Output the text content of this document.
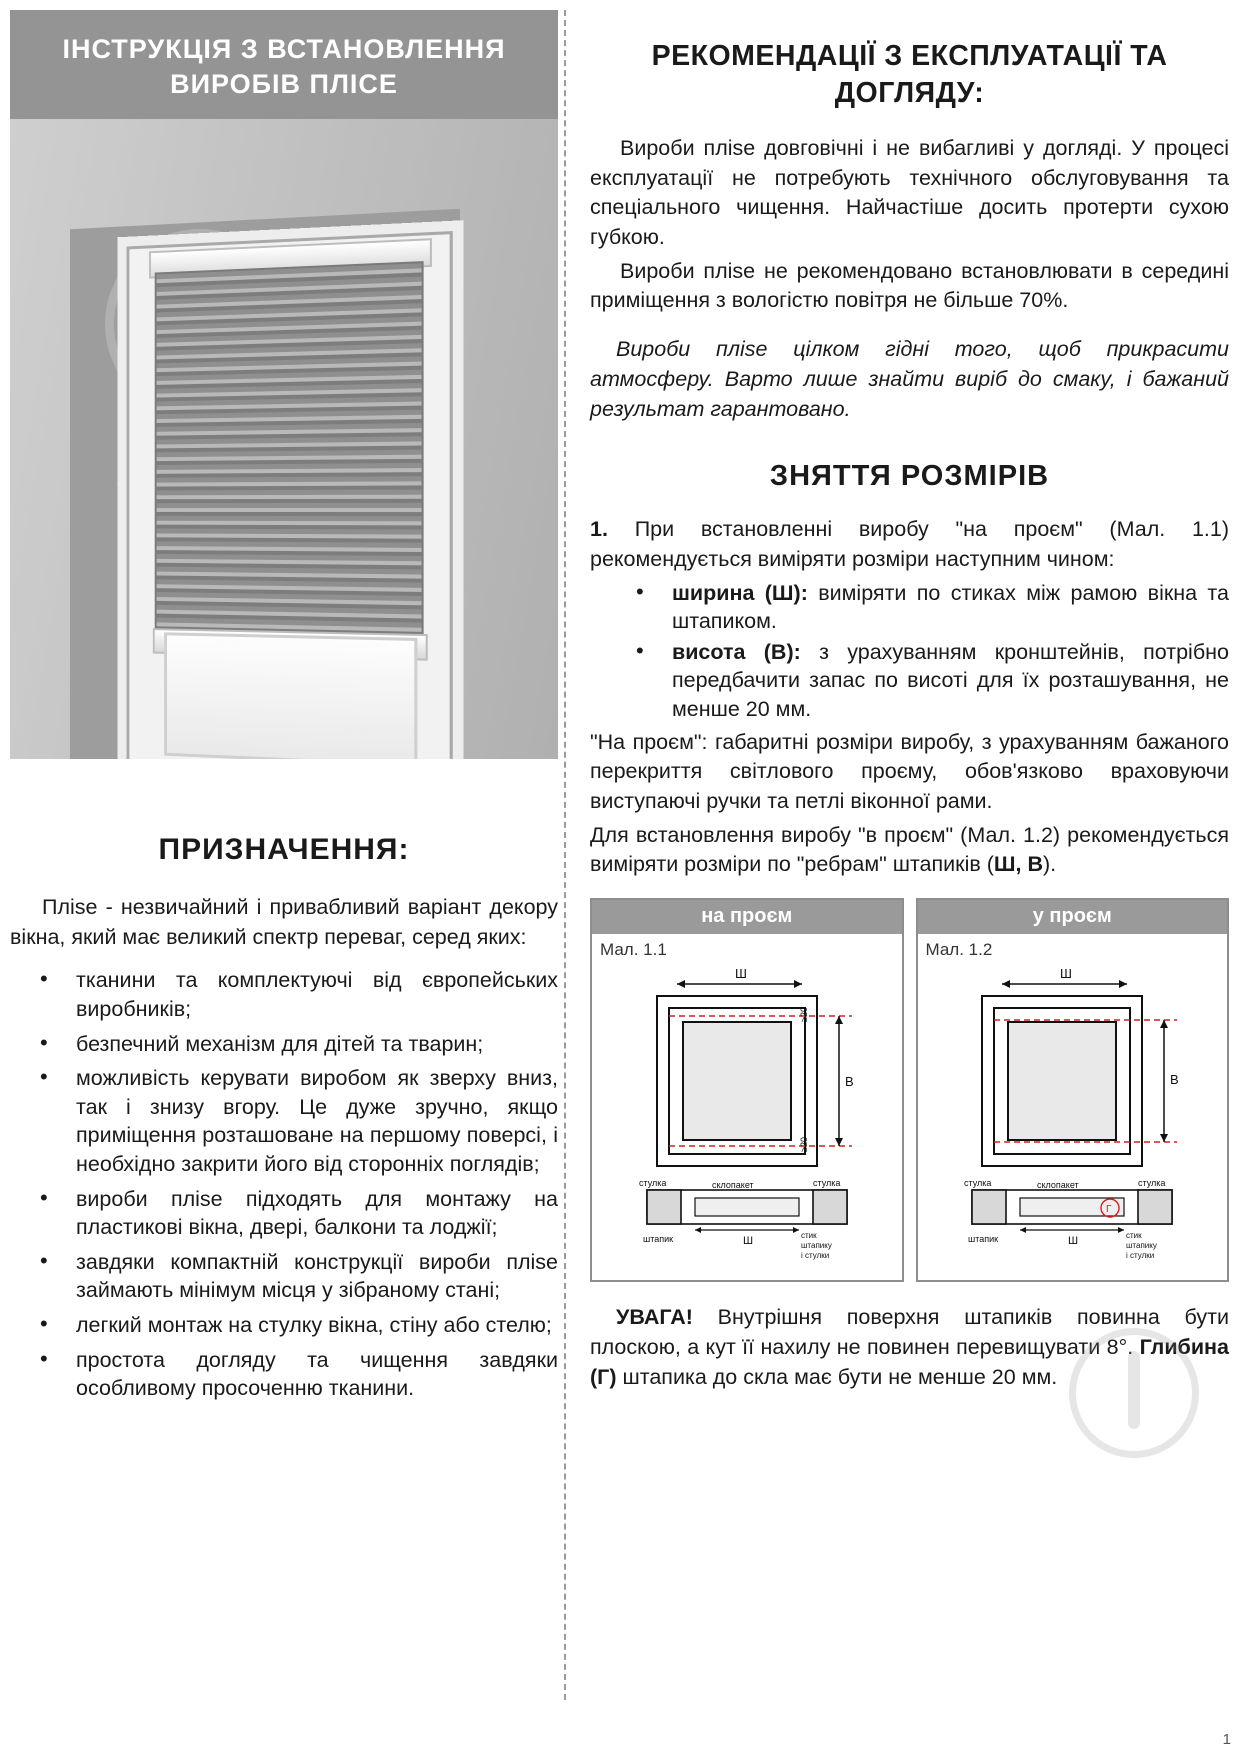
ІНСТРУКЦІЯ З ВСТАНОВЛЕННЯ ВИРОБІВ ПЛІСЕ
ПРИЗНАЧЕННЯ:

Пліse - незвичайний і привабливий варіант декору вікна, який має великий спектр переваг, серед яких:

• тканини та комплектуючі від європейських виробників;
• безпечний механізм для дітей та тварин;
• можливість керувати виробом як зверху вниз, так і знизу вгору. Це дуже зручно, якщо приміщення розташоване на першому поверсі, і необхідно закрити його від сторонніх поглядів;
• вироби пліse підходять для монтажу на пластикові вікна, двері, балкони та лоджії;
• завдяки компактній конструкції вироби пліse займають мінімум місця у зібраному стані;
• легкий монтаж на стулку вікна, стіну або стелю;
• простота догляду та чищення завдяки особливому просоченню тканини.
РЕКОМЕНДАЦІЇ З ЕКСПЛУАТАЦІЇ ТА ДОГЛЯДУ:

Вироби пліse довговічні і не вибагливі у догляді. У процесі експлуатації не потребують технічного обслуговування та спеціального чищення. Найчастіше досить протерти сухою губкою.

Вироби пліse не рекомендовано встановлювати в середині приміщення з вологістю повітря не більше 70%.

Вироби пліse цілком гідні того, щоб прикрасити атмосферу. Варто лише знайти виріб до смаку, і бажаний результат гарантовано.

ЗНЯТТЯ РОЗМІРІВ

1. При встановленні виробу "на проєм" (Мал. 1.1) рекомендується виміряти розміри наступним чином:

• ширина (Ш): виміряти по стиках між рамою вікна та штапиком.
• висота (В): з урахуванням кронштейнів, потрібно передбачити запас по висоті для їх розташування, не менше 20 мм.

"На проєм": габаритні розміри виробу, з урахуванням бажаного перекриття світлового проєму, обов'язково враховуючи виступаючі ручки та петлі віконної рами.

Для встановлення виробу "в проєм" (Мал. 1.2) рекомендується виміряти розміри по "ребрам" штапиків (Ш, В).

на проєм
Мал. 1.1
Ш
В
≥20
≥20
склопакет
стулка	стулка
штапик	Ш	стик
штапику
і стулки
у проєм
Мал. 1.2
Ш
В
склопакет
стулка	стулка
штапик	Ш
Г
стик
штапику
і стулки

УВАГА! Внутрішня поверхня штапиків повинна бути плоскою, а кут її нахилу не повинен перевищувати 8°. Глибина (Г) штапика до скла має бути не менше 20 мм.

1
